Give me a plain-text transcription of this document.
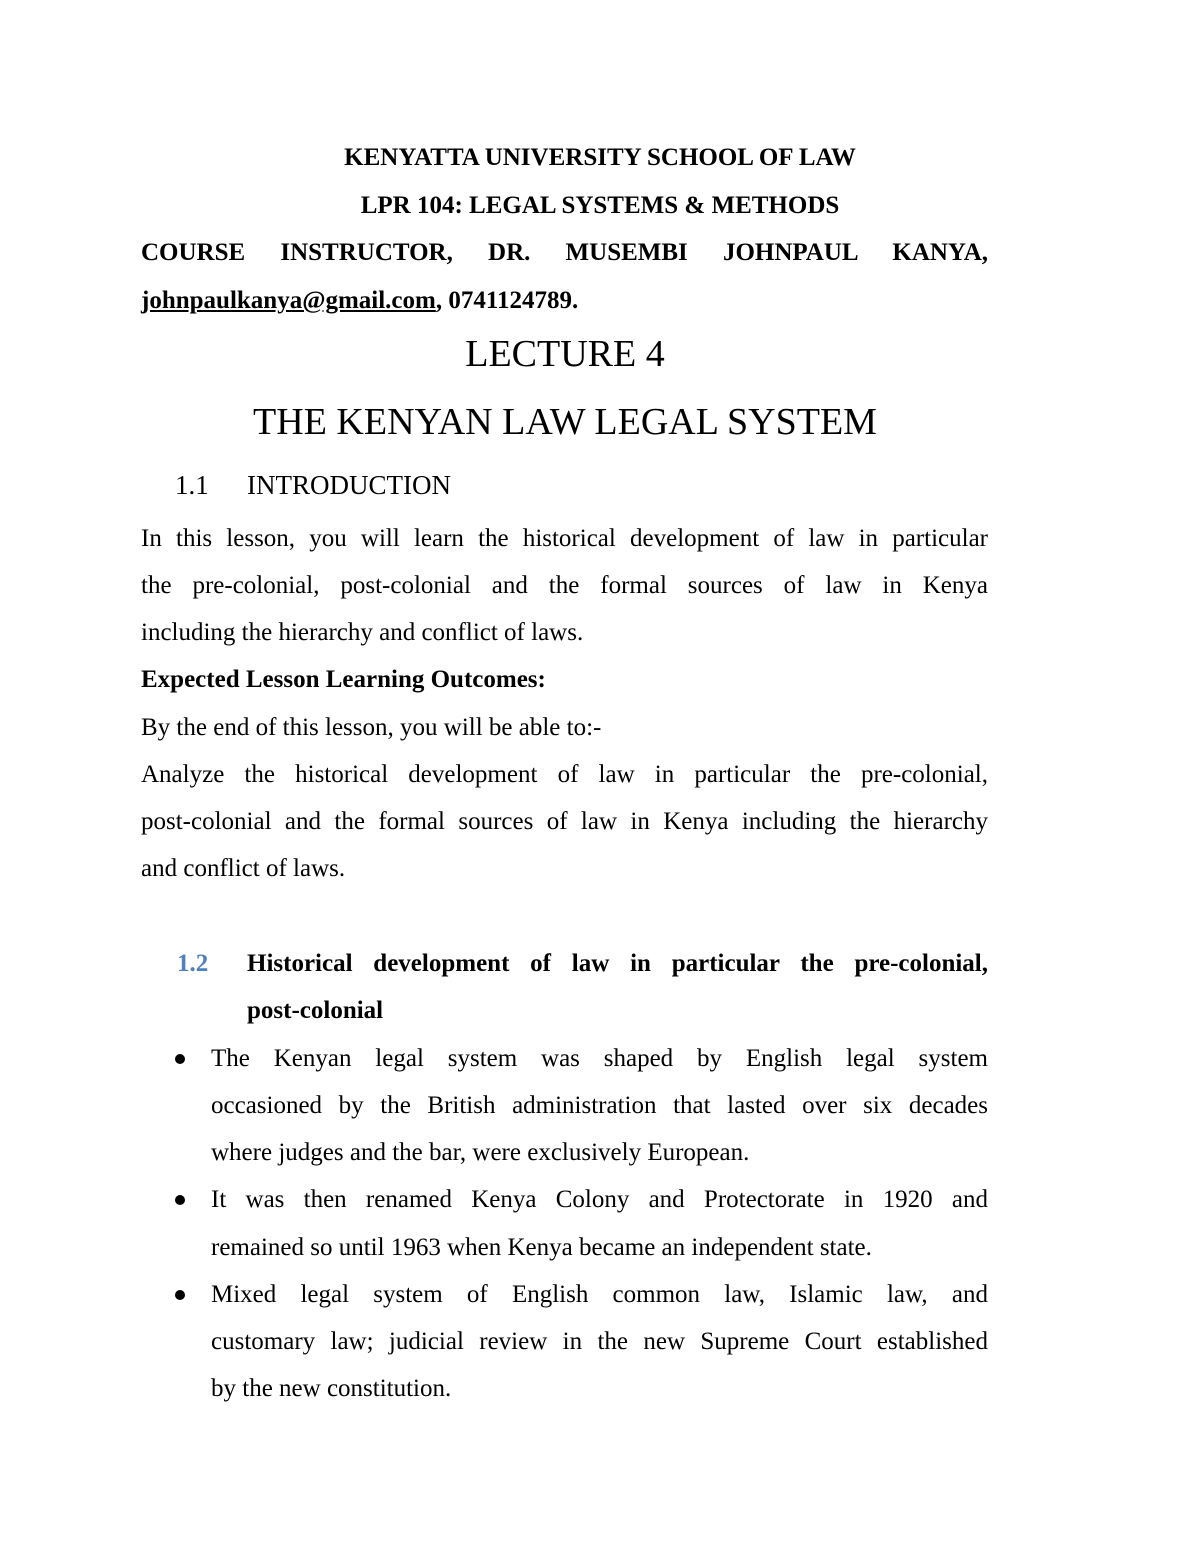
KENYATTA UNIVERSITY SCHOOL OF LAW
LPR 104: LEGAL SYSTEMS & METHODS
COURSE INSTRUCTOR, DR. MUSEMBI JOHNPAUL KANYA,
johnpaulkanya@gmail.com, 0741124789.
LECTURE 4
THE KENYAN LAW LEGAL SYSTEM
1.1 INTRODUCTION
In this lesson, you will learn the historical development of law in particular
the pre-colonial, post-colonial and the formal sources of law in Kenya
including the hierarchy and conflict of laws.
Expected Lesson Learning Outcomes:
By the end of this lesson, you will be able to:-
Analyze the historical development of law in particular the pre-colonial,
post-colonial and the formal sources of law in Kenya including the hierarchy
and conflict of laws.
1.2 Historical development of law in particular the pre-colonial,
post-colonial
The Kenyan legal system was shaped by English legal system
occasioned by the British administration that lasted over six decades
where judges and the bar, were exclusively European.
It was then renamed Kenya Colony and Protectorate in 1920 and
remained so until 1963 when Kenya became an independent state.
Mixed legal system of English common law, Islamic law, and
customary law; judicial review in the new Supreme Court established
by the new constitution.
